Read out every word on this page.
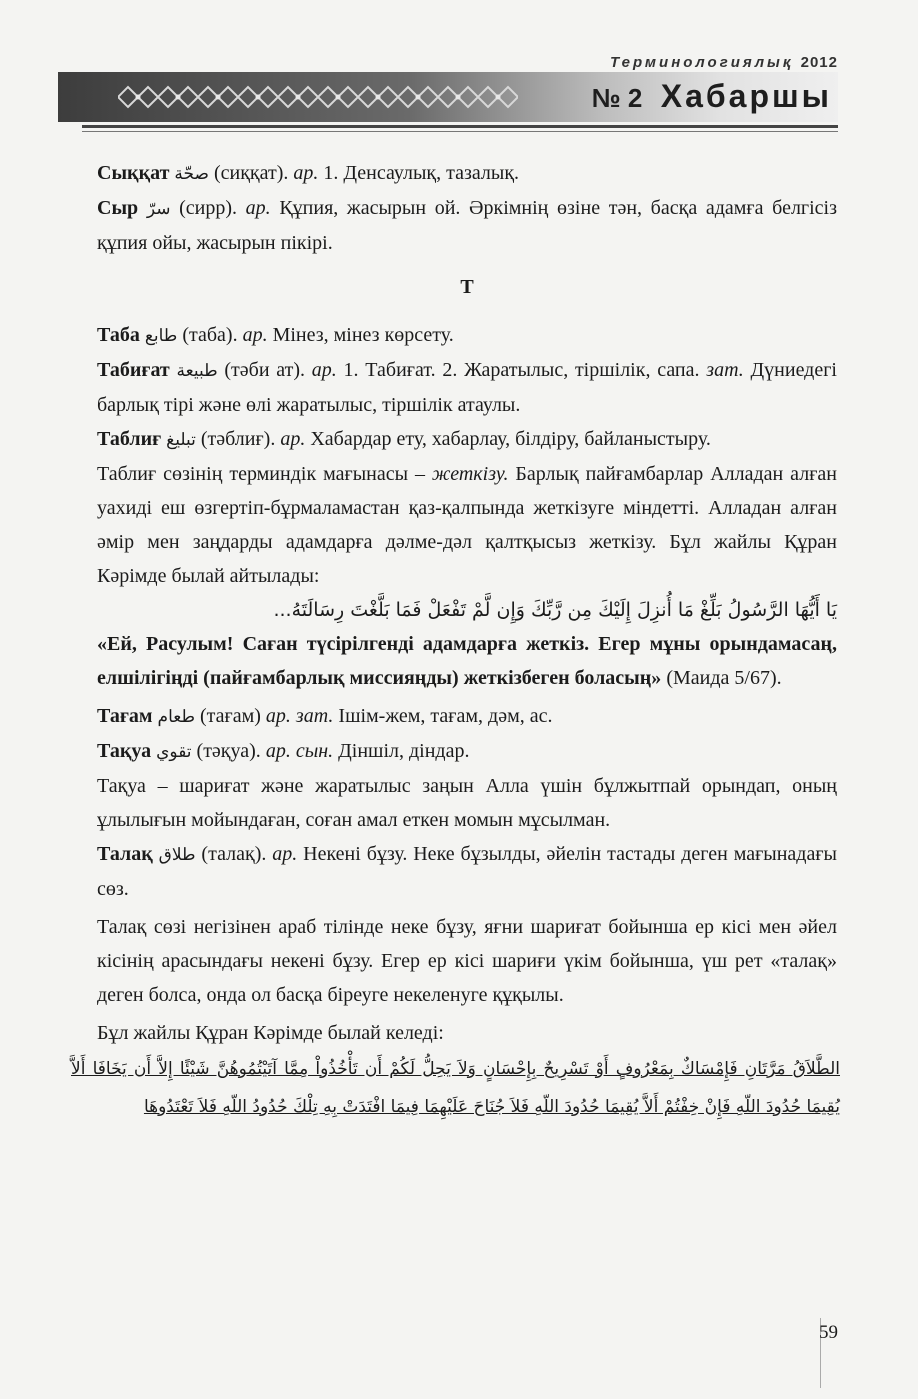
Терминологиялық 2012
№ 2 Хабаршы

Сыққат صحّة (сиққат). ар. 1. Денсаулық, тазалық.

Сыр سرّ (сирр). ар. Құпия, жасырын ой. Әркімнің өзіне тән, басқа адамға белгісіз құпия ойы, жасырын пікірі.

Т

Таба طابع (таба). ар. Мінез, мінез көрсету.

Табиғат طبيعة (тәби ат). ар. 1. Табиғат. 2. Жаратылыс, тіршілік, сапа. зат. Дүниедегі барлық тірі және өлі жаратылыс, тіршілік атаулы.

Таблиғ تبليغ (тәблиғ). ар. Хабардар ету, хабарлау, білдіру, байланыстыру.

Таблиғ сөзінің терминдік мағынасы – жеткізу. Барлық пайғамбарлар Алладан алған уахиді еш өзгертіп-бұрмаламастан қаз-қалпында жеткізуге міндетті. Алладан алған әмір мен заңдарды адамдарға дәлме-дәл қалтқысыз жеткізу. Бұл жайлы Құран Кәрімде былай айтылады:

يَا أَيُّهَا الرَّسُولُ بَلِّغْ مَا أُنزِلَ إِلَيْكَ مِن رَّبِّكَ وَإِن لَّمْ تَفْعَلْ فَمَا بَلَّغْتَ رِسَالَتَهُ...

«Ей, Расулым! Саған түсірілгенді адамдарға жеткіз. Егер мұны орындамасаң, елшілігіңді (пайғамбарлық миссияңды) жеткізбеген боласың» (Маида 5/67).

Тағам طعام (тағам) ар. зат. Ішім-жем, тағам, дәм, ас.

Тақуа تقوي (тәқуа). ар. сын. Діншіл, діндар.

Тақуа – шариғат және жаратылыс заңын Алла үшін бұлжытпай орындап, оның ұлылығын мойындаған, соған амал еткен момын мұсылман.

Талақ طلاق (талақ). ар. Некені бұзу. Неке бұзылды, әйелін тастады деген мағынадағы сөз.

Талақ сөзі негізінен араб тілінде неке бұзу, яғни шариғат бойынша ер кісі мен әйел кісінің арасындағы некені бұзу. Егер ер кісі шариғи үкім бойынша, үш рет «талақ» деген болса, онда ол басқа біреуге некеленуге құқылы.

Бұл жайлы Құран Кәрімде былай келеді:

الطَّلاَقُ مَرَّتَانِ فَإِمْسَاكٌ بِمَعْرُوفٍ أَوْ تَسْرِيحٌ بِإِحْسَانٍ وَلاَ يَحِلُّ لَكُمْ أَن تَأْخُذُواْ مِمَّا آتَيْتُمُوهُنَّ شَيْئًا إِلاَّ أَن يَخَافَا أَلاَّ يُقِيمَا حُدُودَ اللّهِ فَإِنْ خِفْتُمْ أَلاَّ يُقِيمَا حُدُودَ اللّهِ فَلاَ جُنَاحَ عَلَيْهِمَا فِيمَا افْتَدَتْ بِهِ تِلْكَ حُدُودُ اللّهِ فَلاَ تَعْتَدُوهَا

59
